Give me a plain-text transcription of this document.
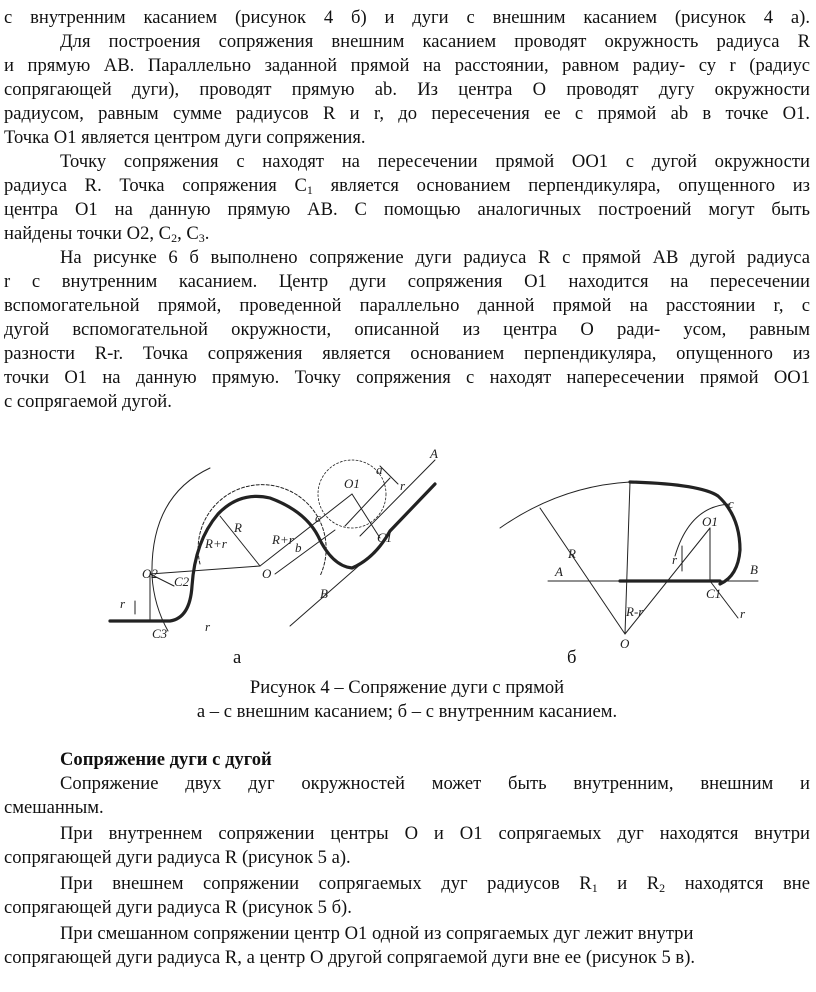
с внутренним касанием (рисунок 4 б) и дуги с внешним касанием (рисунок 4 а).
Для построения сопряжения внешним касанием проводят окружность радиуса R
и прямую АВ. Параллельно заданной прямой на расстоянии, равном радиу- су r (радиус
сопрягающей дуги), проводят прямую ab. Из центра О проводят дугу окружности
радиусом, равным сумме радиусов R и r, до пересечения ее с прямой ab в точке О1.
Точка О1 является центром дуги сопряжения.
Точку сопряжения с находят на пересечении прямой ОО1 с дугой окружности
радиуса R. Точка сопряжения $С_1$ является основанием перпендикуляра, опущенного из
центра О1 на данную прямую АВ. С помощью аналогичных построений могут быть
найдены точки О2, $С_2$, $С_3$.
На рисунке 6 б выполнено сопряжение дуги радиуса R с прямой АВ дугой радиуса
r с внутренним касанием. Центр дуги сопряжения О1 находится на пересечении
вспомогательной прямой, проведенной параллельно данной прямой на расстоянии r, с
дугой вспомогательной окружности, описанной из центра О ради- усом, равным
разности R-r. Точка сопряжения является основанием перпендикуляра, опущенного из
точки О1 на данную прямую. Точку сопряжения с находят напересечении прямой ОО1
с сопрягаемой дугой.
A
a
O1
c
C1
b
B
O
R
R+r	R+r
O2
C2
C3
r
r
r
A	B
O
O1
c
C1
R
R-r
r
r
а	б
Рисунок 4 – Сопряжение дуги с прямой
а – с внешним касанием; б – с внутренним касанием.
Сопряжение дуги с дугой
Сопряжение двух дуг окружностей может быть внутренним, внешним и
смешанным.
При внутреннем сопряжении центры О и О1 сопрягаемых дуг находятся внутри
сопрягающей дуги радиуса R (рисунок 5 а).
При внешнем сопряжении сопрягаемых дуг радиусов $R_1$ и $R_2$ находятся вне
сопрягающей дуги радиуса R (рисунок 5 б).
При смешанном сопряжении центр О1 одной из сопрягаемых дуг лежит внутри
сопрягающей дуги радиуса R, а центр О другой сопрягаемой дуги вне ее (рисунок 5 в).
